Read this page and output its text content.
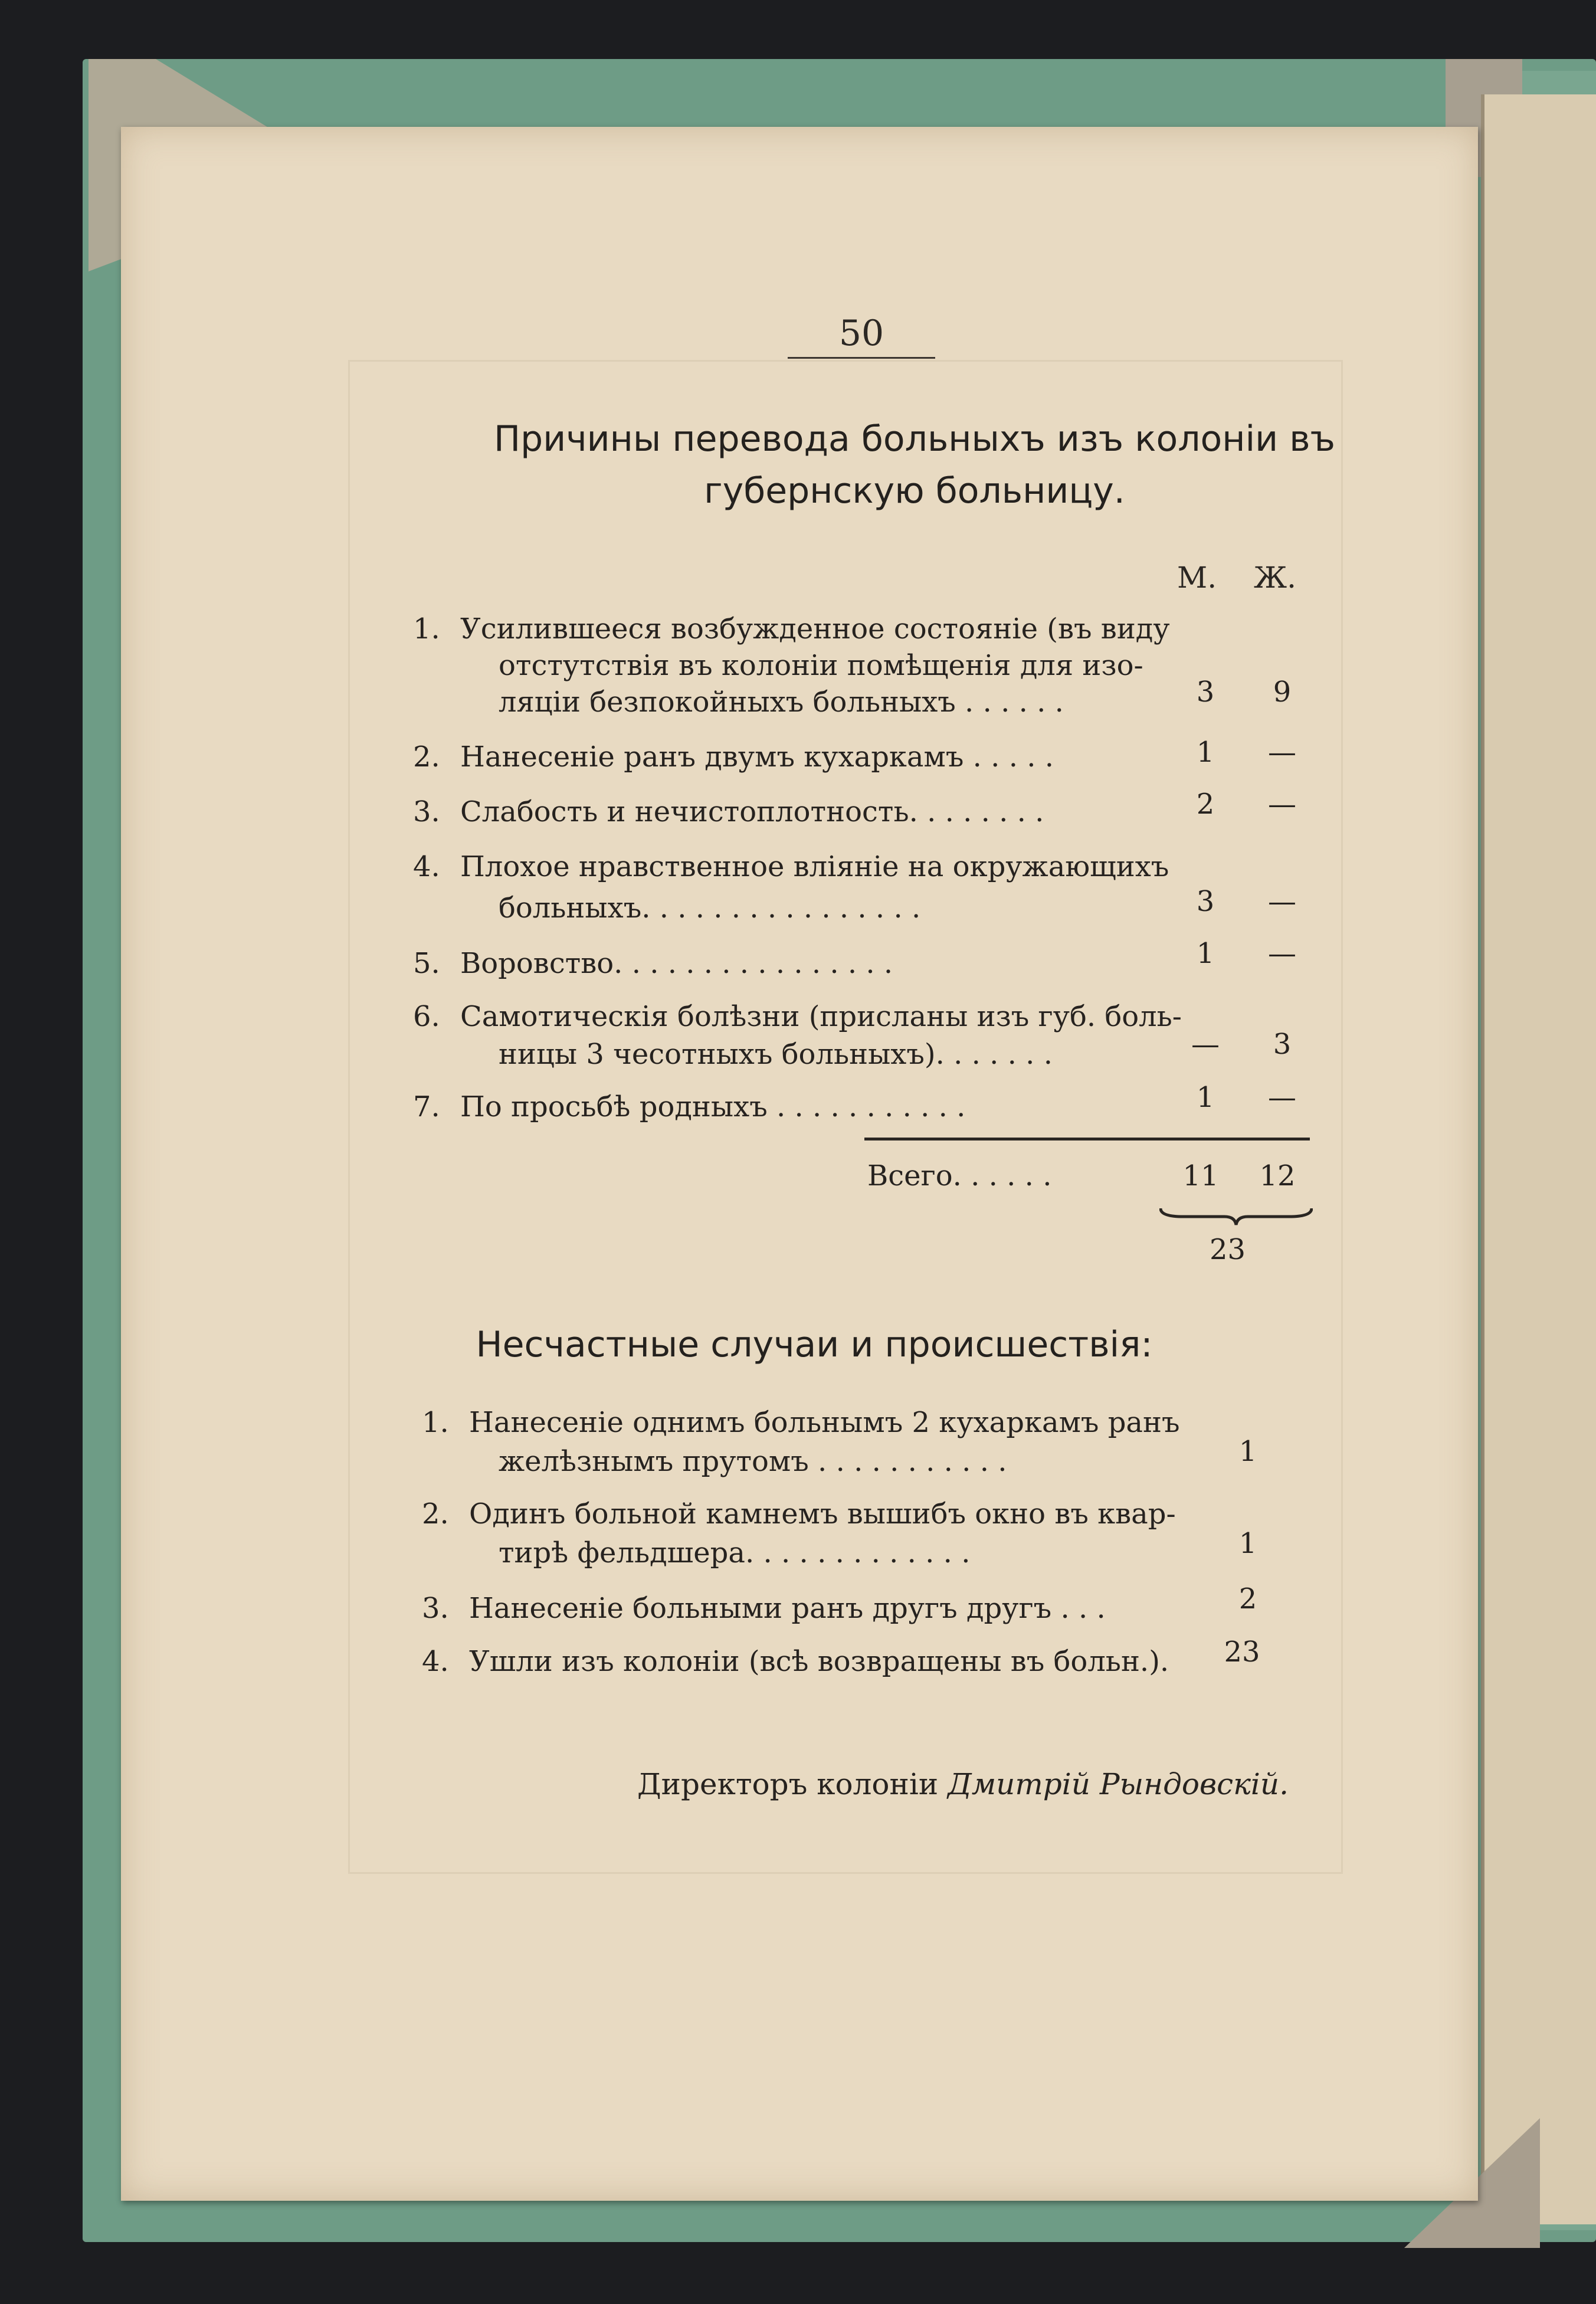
50
Причины перевода больныхъ изъ колоніи въ
губернскую больницу.
М. Ж.
1. Усилившееся возбужденное состояніе (въ виду
отстутствія въ колоніи помѣщенія для изо-
ляціи безпокойныхъ больныхъ . . . . . .	3	9
2. Нанесеніе ранъ двумъ кухаркамъ . . . . .	1	—
3. Слабость и нечистоплотность. . . . . . . .	2	—
4. Плохое нравственное вліяніе на окружающихъ
больныхъ. . . . . . . . . . . . . . . .	3	—
5. Воровство. . . . . . . . . . . . . . . .	1	—
6. Самотическія болѣзни (присланы изъ губ. боль-
ницы 3 чесотныхъ больныхъ). . . . . . .	—	3
7. По просьбѣ родныхъ . . . . . . . . . . .	1	—
Всего. . . . . .	11	12
23
Несчастные случаи и происшествія:
1. Нанесеніе однимъ больнымъ 2 кухаркамъ ранъ
желѣзнымъ прутомъ . . . . . . . . . . .	1
2. Одинъ больной камнемъ вышибъ окно въ квар-
тирѣ фельдшера. . . . . . . . . . . . .	1
3. Нанесеніе больными ранъ другъ другъ . . .	2
4. Ушли изъ колоніи (всѣ возвращены въ больн.).	23
Директоръ колоніи Дмитрій Рындовскій.
